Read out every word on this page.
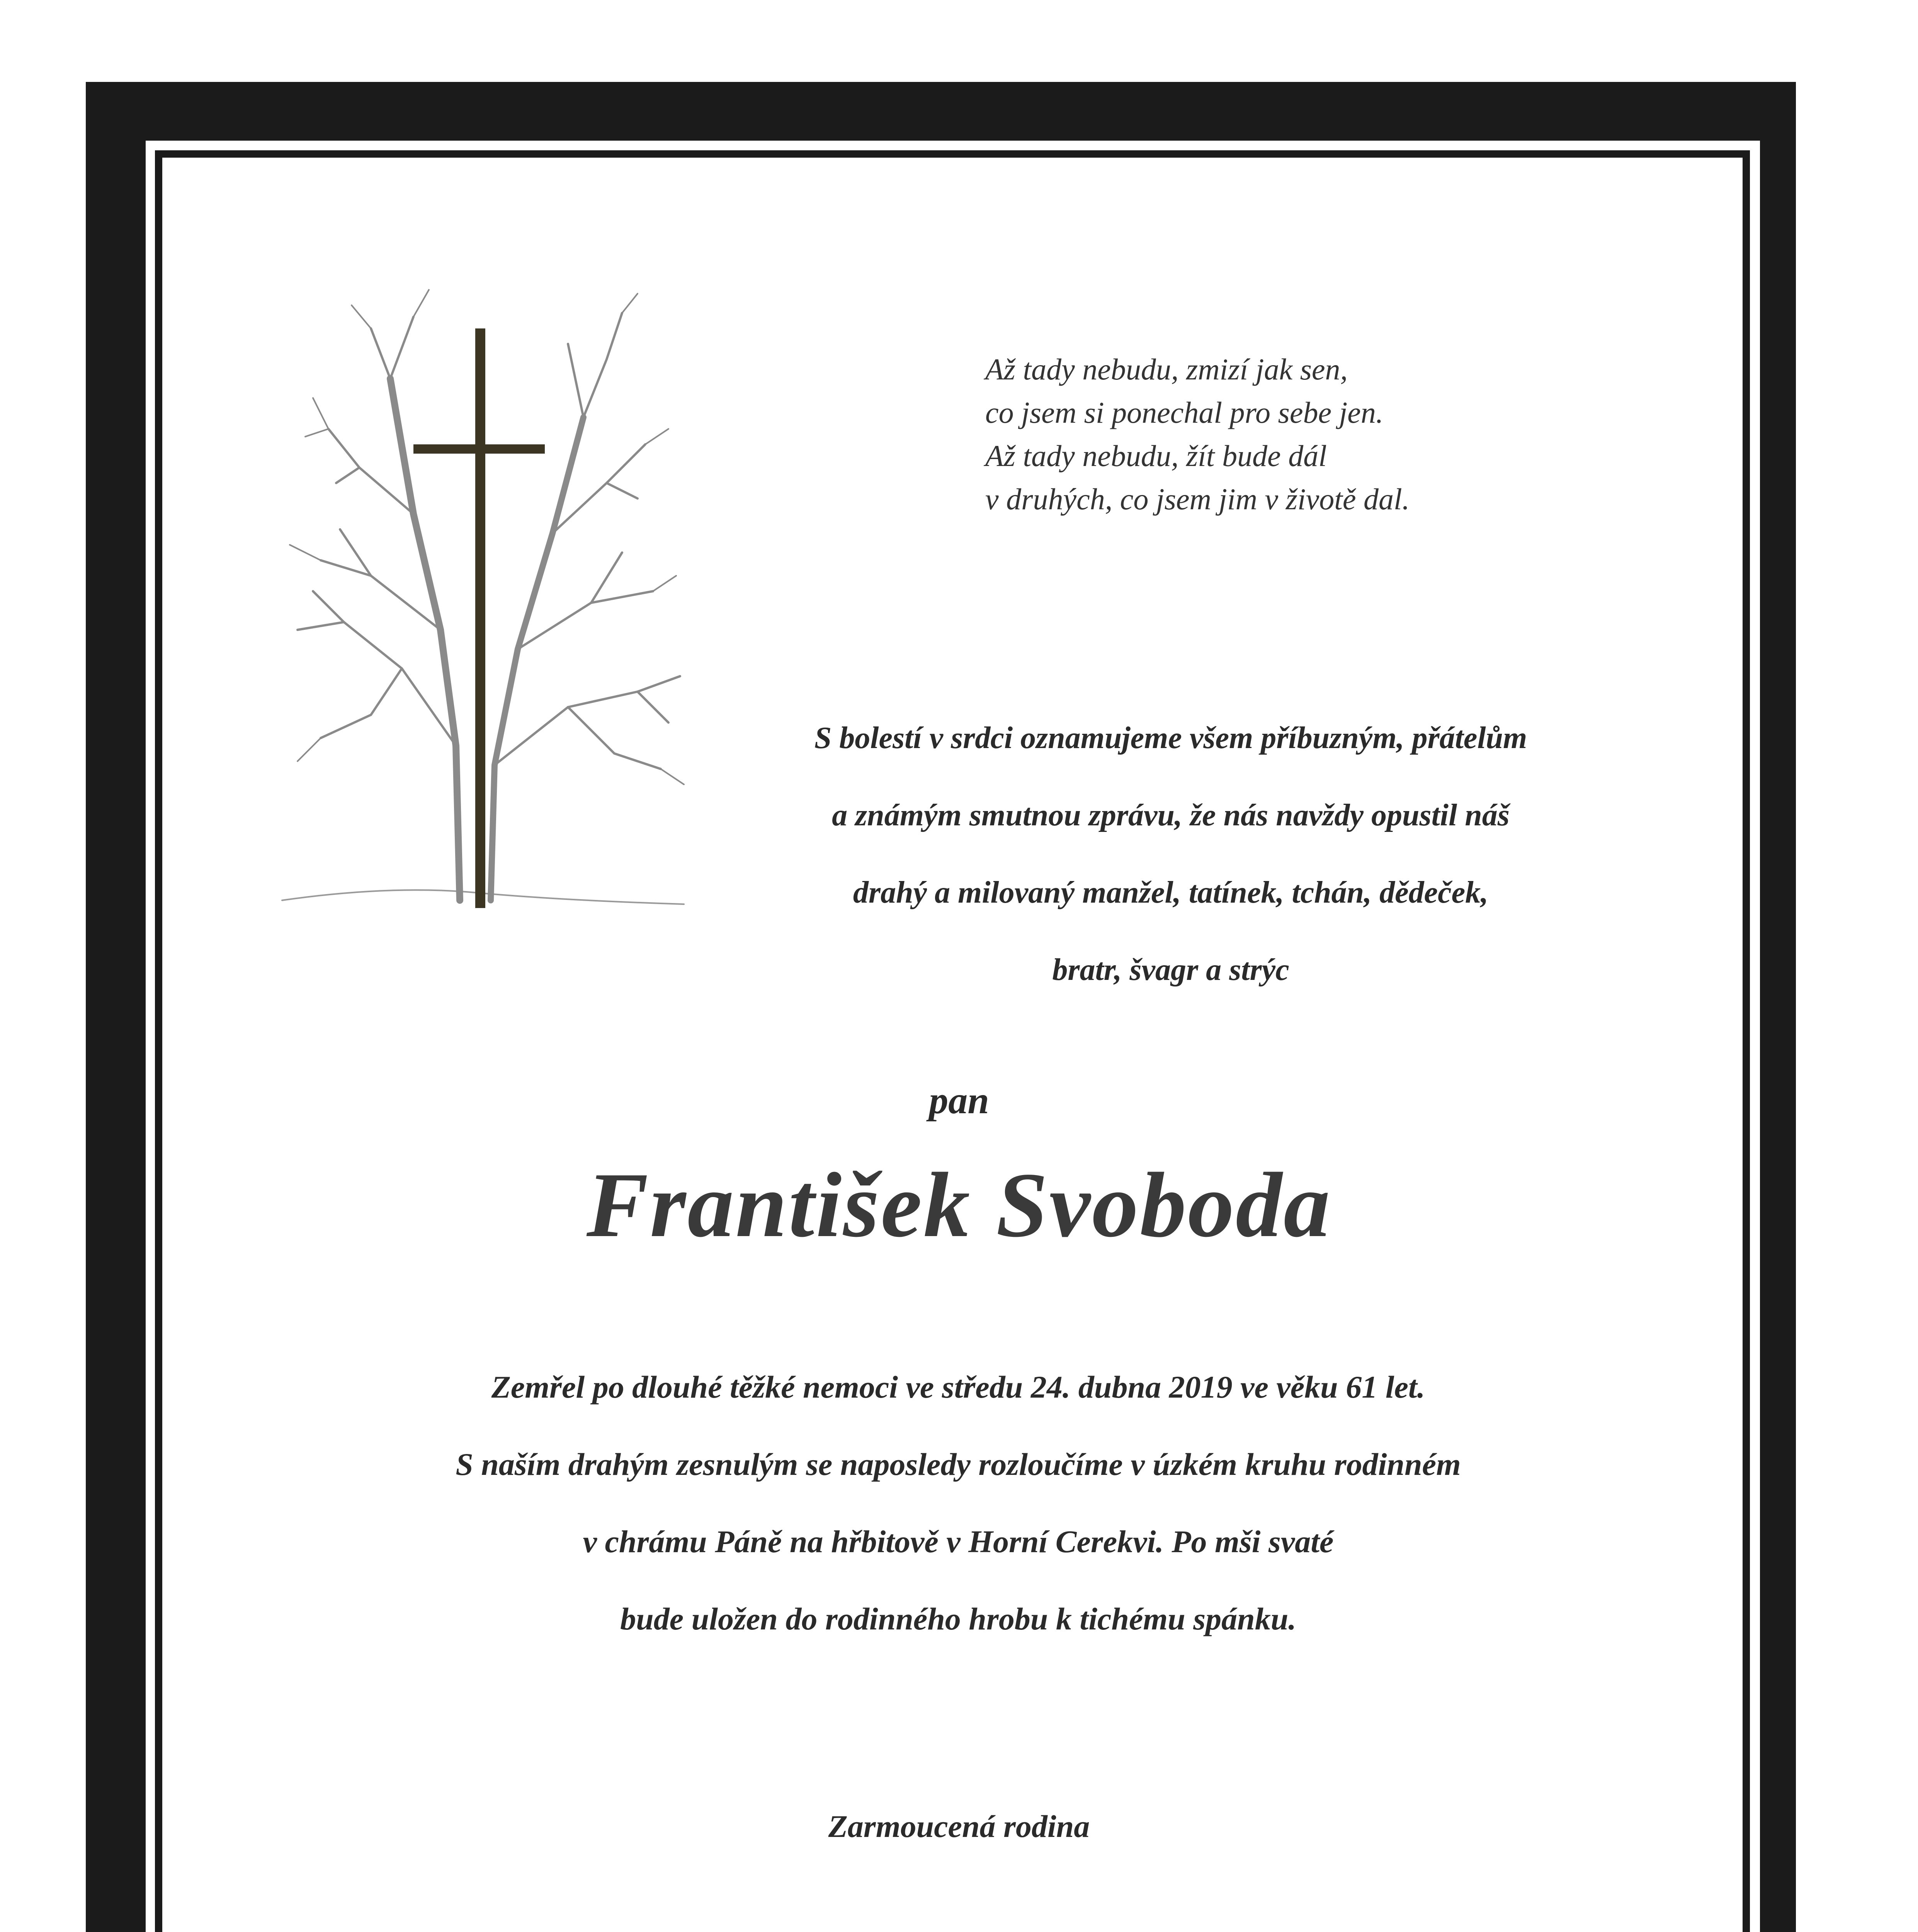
Až tady nebudu, zmizí jak sen,
co jsem si ponechal pro sebe jen.
Až tady nebudu, žít bude dál
v druhých, co jsem jim v životě dal.
S bolestí v srdci oznamujeme všem příbuzným, přátelům
a známým smutnou zprávu, že nás navždy opustil náš
drahý a milovaný manžel, tatínek, tchán, dědeček,
bratr, švagr a strýc
pan
František Svoboda
Zemřel po dlouhé těžké nemoci ve středu 24. dubna 2019 ve věku 61 let.
S naším drahým zesnulým se naposledy rozloučíme v úzkém kruhu rodinném
v chrámu Páně na hřbitově v Horní Cerekvi. Po mši svaté
bude uložen do rodinného hrobu k tichému spánku.
Zarmoucená rodina
